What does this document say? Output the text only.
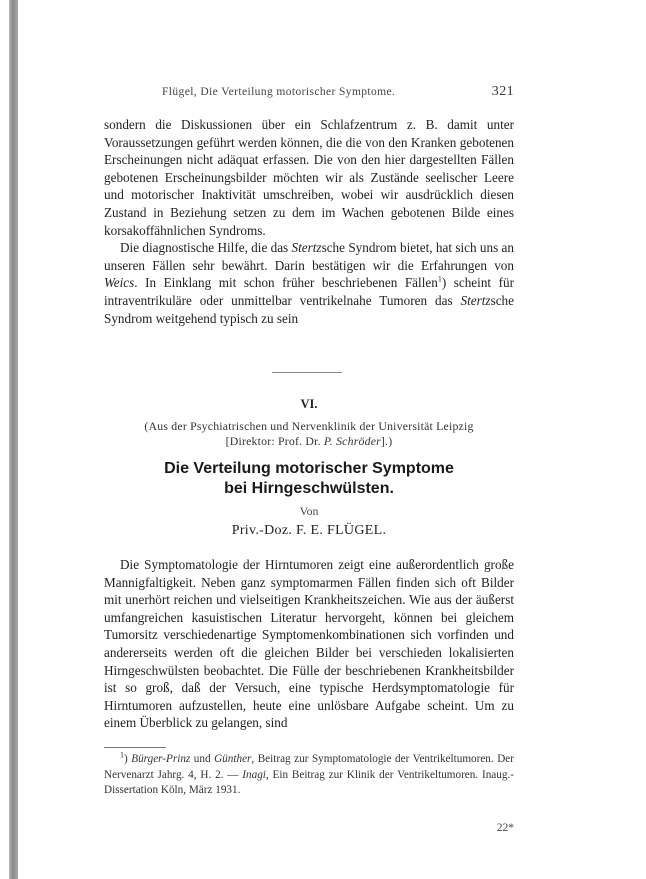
Flügel, Die Verteilung motorischer Symptome.	321

sondern die Diskussionen über ein Schlafzentrum z. B. damit unter Voraussetzungen geführt werden können, die die von den Kranken gebotenen Erscheinungen nicht adäquat erfassen. Die von den hier dargestellten Fällen gebotenen Erscheinungsbilder möchten wir als Zustände seelischer Leere und motorischer Inaktivität umschreiben, wobei wir ausdrücklich diesen Zustand in Beziehung setzen zu dem im Wachen gebotenen Bilde eines korsakoffähnlichen Syndroms.

Die diagnostische Hilfe, die das Stertzsche Syndrom bietet, hat sich uns an unseren Fällen sehr bewährt. Darin bestätigen wir die Erfahrungen von Weics. In Einklang mit schon früher beschriebenen Fällen$^1$) scheint für intraventrikuläre oder unmittelbar ventrikelnahe Tumoren das Stertzsche Syndrom weitgehend typisch zu sein

VI.
(Aus der Psychiatrischen und Nervenklinik der Universität Leipzig
[Direktor: Prof. Dr. P. Schröder].)
Die Verteilung motorischer Symptome
bei Hirngeschwülsten.
Von
Priv.-Doz. F. E. FLÜGEL.

Die Symptomatologie der Hirntumoren zeigt eine außerordentlich große Mannigfaltigkeit. Neben ganz symptomarmen Fällen finden sich oft Bilder mit unerhört reichen und vielseitigen Krankheitszeichen. Wie aus der äußerst umfangreichen kasuistischen Literatur hervorgeht, können bei gleichem Tumorsitz verschiedenartige Symptomenkombinationen sich vorfinden und andererseits werden oft die gleichen Bilder bei verschieden lokalisierten Hirngeschwülsten beobachtet. Die Fülle der beschriebenen Krankheitsbilder ist so groß, daß der Versuch, eine typische Herdsymptomatologie für Hirntumoren aufzustellen, heute eine unlösbare Aufgabe scheint. Um zu einem Überblick zu gelangen, sind

$^1$) Bürger-Prinz und Günther, Beitrag zur Symptomatologie der Ventrikeltumoren. Der Nervenarzt Jahrg. 4, H. 2. — Inagi, Ein Beitrag zur Klinik der Ventrikeltumoren. Inaug.-Dissertation Köln, März 1931.
22*
